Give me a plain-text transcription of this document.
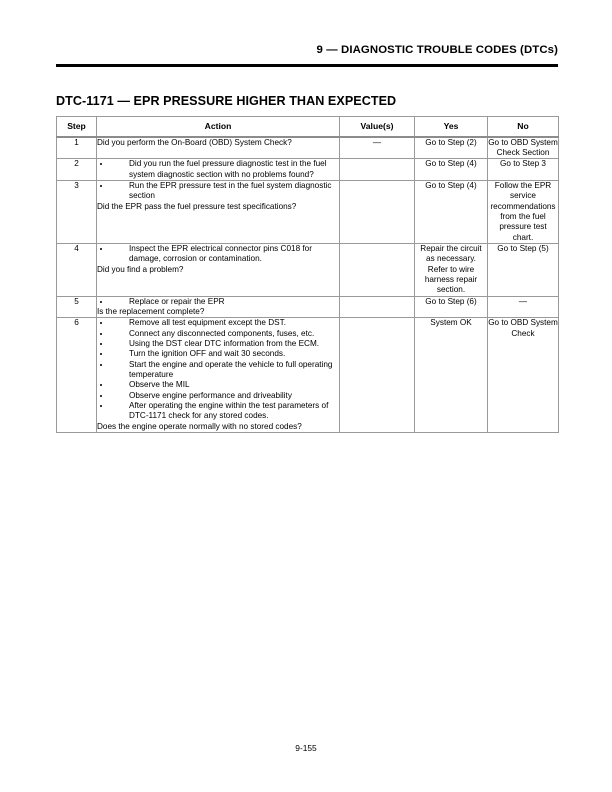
9 — DIAGNOSTIC TROUBLE CODES (DTCs)
DTC-1171 — EPR PRESSURE HIGHER THAN EXPECTED
Step	Action	Value(s)	Yes	No
1	Did you perform the On-Board (OBD) System Check?	—	Go to Step (2)	Go to OBD System Check Section
2	Did you run the fuel pressure diagnostic test in the fuel system diagnostic section with no problems found?
		Go to Step (4)	Go to Step 3
3	Run the EPR pressure test in the fuel system diagnostic section

Did the EPR pass the fuel pressure test specifications?

		Go to Step (4)	Follow the EPR service recommendations from the fuel pressure test chart.
4	Inspect the EPR electrical connector pins C018 for damage, corrosion or contamination.

Did you find a problem?

		Repair the circuit as necessary. Refer to wire harness repair section.	Go to Step (5)
5	Replace or repair the EPR

Is the replacement complete?

		Go to Step (6)	—
6	Remove all test equipment except the DST.
Connect any disconnected components, fuses, etc.
Using the DST clear DTC information from the ECM.
Turn the ignition OFF and wait 30 seconds.
Start the engine and operate the vehicle to full operating temperature
Observe the MIL
Observe engine performance and driveability
After operating the engine within the test parameters of DTC-1171 check for any stored codes.

Does the engine operate normally with no stored codes?

		System OK	Go to OBD System Check
9-155
